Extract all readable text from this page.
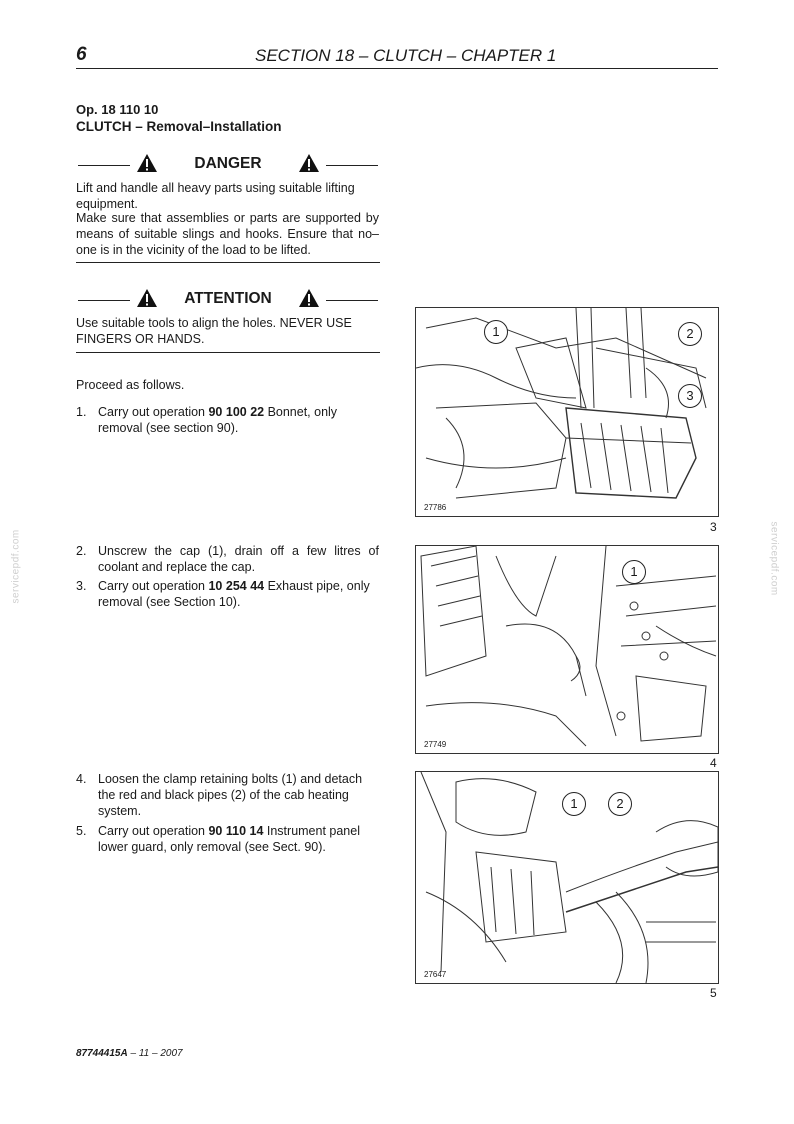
6	SECTION 18 – CLUTCH – CHAPTER 1
Op. 18 110 10
CLUTCH – Removal–Installation
DANGER
Lift and handle all heavy parts using suitable lifting equipment.
Make sure that assemblies or parts are supported by means of suitable slings and hooks. Ensure that no–one is in the vicinity of the load to be lifted.
ATTENTION
Use suitable tools to align the holes. NEVER USE FINGERS OR HANDS.
Proceed as follows.
1. Carry out operation 90 100 22 Bonnet, only removal (see section 90).
2. Unscrew the cap (1), drain off a few litres of coolant and replace the cap.
3. Carry out operation 10 254 44 Exhaust pipe, only removal (see Section 10).
4. Loosen the clamp retaining bolts (1) and detach the red and black pipes (2) of the cab heating system.
5. Carry out operation 90 110 14 Instrument panel lower guard, only removal (see Sect. 90).
1	2
3
27786
3
1
27749
4
1	2
27647
5
servicepdf.com	servicepdf.com
87744415A – 11 – 2007
